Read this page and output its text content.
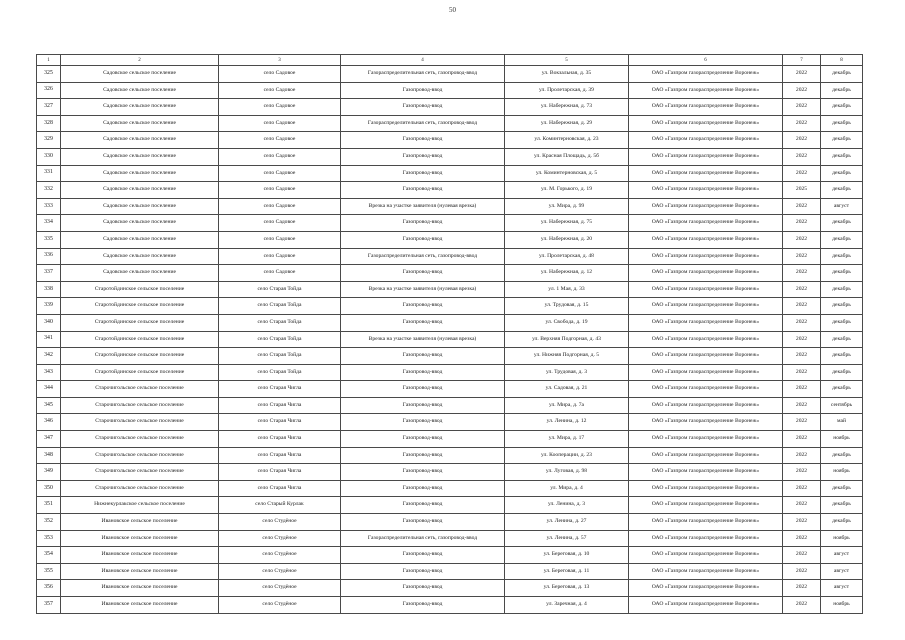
50
1	2	3	4	5	6	7	8
325	Садовское сельское поселение	село Садовое	Газораспределительная сеть, газопровод-ввод	ул. Вокзальная, д. 35	ОАО «Газпром газораспределение Воронеж»	2022	декабрь
326	Садовское сельское поселение	село Садовое	Газопровод-ввод	ул. Пролетарская, д. 39	ОАО «Газпром газораспределение Воронеж»	2022	декабрь
327	Садовское сельское поселение	село Садовое	Газопровод-ввод	ул. Набережная, д. 73	ОАО «Газпром газораспределение Воронеж»	2022	декабрь
328	Садовское сельское поселение	село Садовое	Газораспределительная сеть, газопровод-ввод	ул. Набережная, д. 29	ОАО «Газпром газораспределение Воронеж»	2022	декабрь
329	Садовское сельское поселение	село Садовое	Газопровод-ввод	ул. Коминтерновская, д. 23	ОАО «Газпром газораспределение Воронеж»	2022	декабрь
330	Садовское сельское поселение	село Садовое	Газопровод-ввод	ул. Красная Площадь, д. 5б	ОАО «Газпром газораспределение Воронеж»	2022	декабрь
331	Садовское сельское поселение	село Садовое	Газопровод-ввод	ул. Коминтерновская, д. 5	ОАО «Газпром газораспределение Воронеж»	2022	декабрь
332	Садовское сельское поселение	село Садовое	Газопровод-ввод	ул. М. Горького, д. 19	ОАО «Газпром газораспределение Воронеж»	2025	декабрь
333	Садовское сельское поселение	село Садовое	Врезка на участке заявителя (нулевая врезка)	ул. Мира, д. 99	ОАО «Газпром газораспределение Воронеж»	2022	август
334	Садовское сельское поселение	село Садовое	Газопровод-ввод	ул. Набережная, д. 75	ОАО «Газпром газораспределение Воронеж»	2022	декабрь
335	Садовское сельское поселение	село Садовое	Газопровод-ввод	ул. Набережная, д. 20	ОАО «Газпром газораспределение Воронеж»	2022	декабрь
336	Садовское сельское поселение	село Садовое	Газораспределительная сеть, газопровод-ввод	ул. Пролетарская, д. 48	ОАО «Газпром газораспределение Воронеж»	2022	декабрь
337	Садовское сельское поселение	село Садовое	Газопровод-ввод	ул. Набережная, д. 12	ОАО «Газпром газораспределение Воронеж»	2022	декабрь
338	Старотойдинское сельское поселение	село Старая Тойда	Врезка на участке заявителя (нулевая врезка)	ул. 1 Мая, д. 33	ОАО «Газпром газораспределение Воронеж»	2022	декабрь
339	Старотойдинское сельское поселение	село Старая Тойда	Газопровод-ввод	ул. Трудовая, д. 15	ОАО «Газпром газораспределение Воронеж»	2022	декабрь
340	Старотойдинское сельское поселение	село Старая Тойда	Газопровод-ввод	ул. Свобода, д. 19	ОАО «Газпром газораспределение Воронеж»	2022	декабрь
341	Старотойдинское сельское поселение	село Старая Тойда	Врезка на участке заявителя (нулевая врезка)	ул. Верхняя Подгорная, д. 43	ОАО «Газпром газораспределение Воронеж»	2022	декабрь
342	Старотойдинское сельское поселение	село Старая Тойда	Газопровод-ввод	ул. Нижняя Подгорная, д. 5	ОАО «Газпром газораспределение Воронеж»	2022	декабрь
343	Старотойдинское сельское поселение	село Старая Тойда	Газопровод-ввод	ул. Трудовая, д. 3	ОАО «Газпром газораспределение Воронеж»	2022	декабрь
344	Старочигольское сельское поселение	село Старая Чигла	Газопровод-ввод	ул. Садовая, д. 21	ОАО «Газпром газораспределение Воронеж»	2022	декабрь
345	Старочигольское сельское поселение	село Старая Чигла	Газопровод-ввод	ул. Мира, д. 7а	ОАО «Газпром газораспределение Воронеж»	2022	сентябрь
346	Старочигольское сельское поселение	село Старая Чигла	Газопровод-ввод	ул. Ленина, д. 12	ОАО «Газпром газораспределение Воронеж»	2022	май
347	Старочигольское сельское поселение	село Старая Чигла	Газопровод-ввод	ул. Мира, д. 17	ОАО «Газпром газораспределение Воронеж»	2022	ноябрь
348	Старочигольское сельское поселение	село Старая Чигла	Газопровод-ввод	ул. Кооперации, д. 23	ОАО «Газпром газораспределение Воронеж»	2022	декабрь
349	Старочигольское сельское поселение	село Старая Чигла	Газопровод-ввод	ул. Луговая, д. 98	ОАО «Газпром газораспределение Воронеж»	2022	ноябрь
350	Старочигольское сельское поселение	село Старая Чигла	Газопровод-ввод	ул. Мира, д. 4	ОАО «Газпром газораспределение Воронеж»	2022	декабрь
351	Нижнекурлакское сельское поселение	село Старый Курлак	Газопровод-ввод	ул. Ленина, д. 3	ОАО «Газпром газораспределение Воронеж»	2022	декабрь
352	Ивановское сельское поселение	село Студёное	Газопровод-ввод	ул. Ленина, д. 27	ОАО «Газпром газораспределение Воронеж»	2022	декабрь
353	Ивановское сельское поселение	село Студёное	Газораспределительная сеть, газопровод-ввод	ул. Ленина, д. 57	ОАО «Газпром газораспределение Воронеж»	2022	ноябрь
354	Ивановское сельское поселение	село Студёное	Газопровод-ввод	ул. Береговая, д. 10	ОАО «Газпром газораспределение Воронеж»	2022	август
355	Ивановское сельское поселение	село Студёное	Газопровод-ввод	ул. Береговая, д. 11	ОАО «Газпром газораспределение Воронеж»	2022	август
356	Ивановское сельское поселение	село Студёное	Газопровод-ввод	ул. Береговая, д. 13	ОАО «Газпром газораспределение Воронеж»	2022	август
357	Ивановское сельское поселение	село Студёное	Газопровод-ввод	ул. Заречная, д. 4	ОАО «Газпром газораспределение Воронеж»	2022	ноябрь
